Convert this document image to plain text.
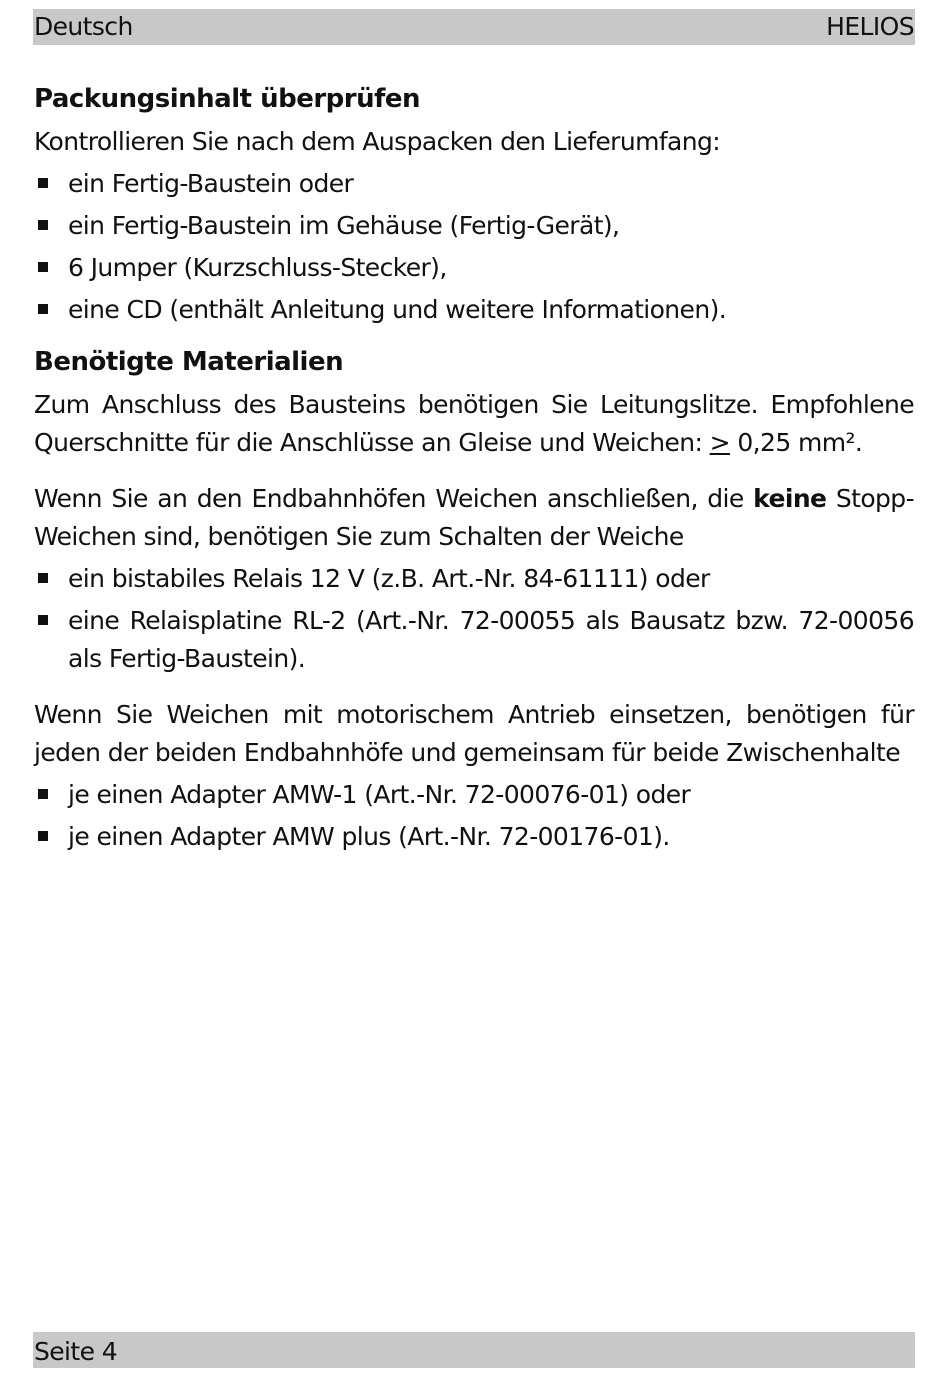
Deutsch	HELIOS
Packungsinhalt überprüfen

Kontrollieren Sie nach dem Auspacken den Lieferumfang:

ein Fertig-Baustein oder
ein Fertig-Baustein im Gehäuse (Fertig-Gerät),
6 Jumper (Kurzschluss-Stecker),
eine CD (enthält Anleitung und weitere Informationen).
Benötigte Materialien

Zum Anschluss des Bausteins benötigen Sie Leitungslitze. Empfohlene Querschnitte für die Anschlüsse an Gleise und Weichen: > 0,25 mm².

Wenn Sie an den Endbahnhöfen Weichen anschließen, die keine Stopp-Weichen sind, benötigen Sie zum Schalten der Weiche

ein bistabiles Relais 12 V (z.B. Art.-Nr. 84-61111) oder
eine Relaisplatine RL-2 (Art.-Nr. 72-00055 als Bausatz bzw. 72-00056 als Fertig-Baustein).

Wenn Sie Weichen mit motorischem Antrieb einsetzen, benötigen für jeden der beiden Endbahnhöfe und gemeinsam für beide Zwischenhalte

je einen Adapter AMW-1 (Art.-Nr. 72-00076-01) oder
je einen Adapter AMW plus (Art.-Nr. 72-00176-01).
Seite 4
